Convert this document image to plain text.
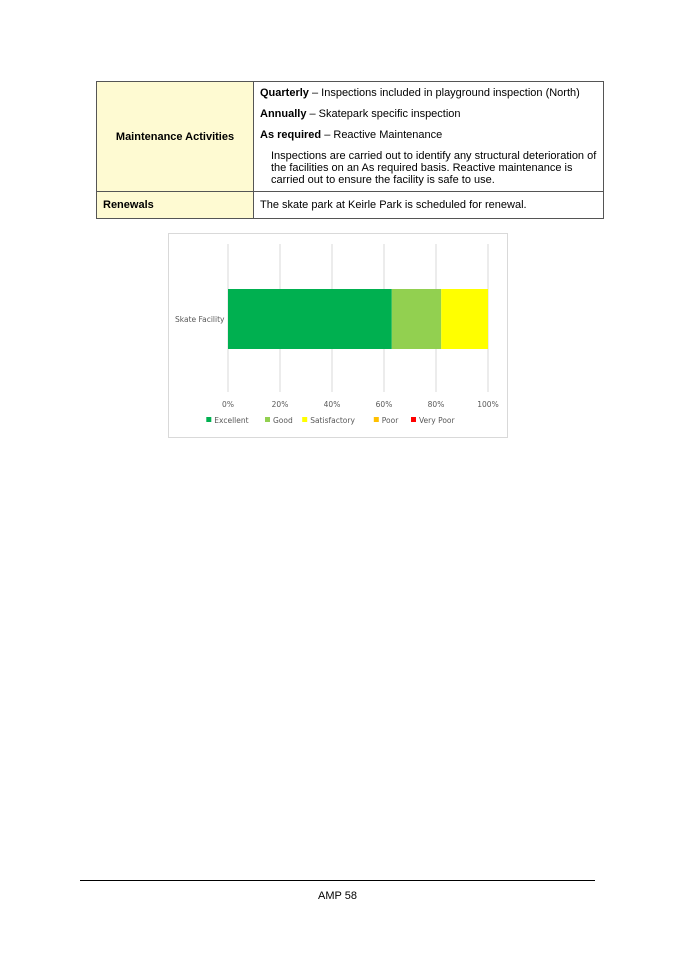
Maintenance Activities	Quarterly – Inspections included in playground inspection (North)
Annually – Skatepark specific inspection
As required – Reactive Maintenance
Inspections are carried out to identify any structural deterioration of the facilities on an As required basis. Reactive maintenance is carried out to ensure the facility is safe to use.

Renewals	The skate park at Keirle Park is scheduled for renewal.
0%	20%	40%	60%	80%	100%
Skate Facility
Excellent	Good Satisfactory	Poor	Very Poor
AMP 58
